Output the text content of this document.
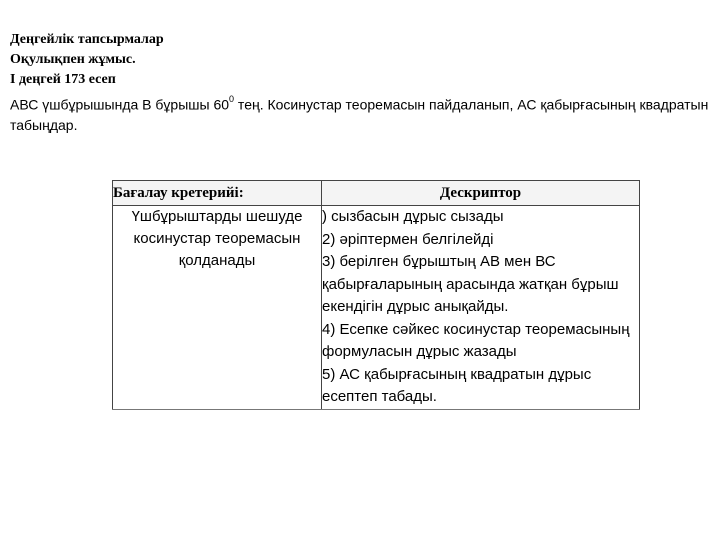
Деңгейлік тапсырмалар
Оқулықпен жұмыс.
I деңгей 173 есеп
АВС үшбұрышында В бұрышы $60^0$ тең. Косинустар теоремасын пайдаланып, АС қабырғасының квадратын табыңдар.
Бағалау кретерийі:	Дескриптор
Үшбұрыштарды шешуде косинустар теоремасын қолданады	) сызбасын дұрыс сызады
2) әріптермен белгілейді
3) берілген бұрыштың АВ мен ВС қабырғаларының арасында жатқан бұрыш екендігін дұрыс анықайды.
4) Есепке сәйкес косинустар теоремасының формуласын дұрыс жазады
5) АС қабырғасының квадратын дұрыс есептеп табады.
